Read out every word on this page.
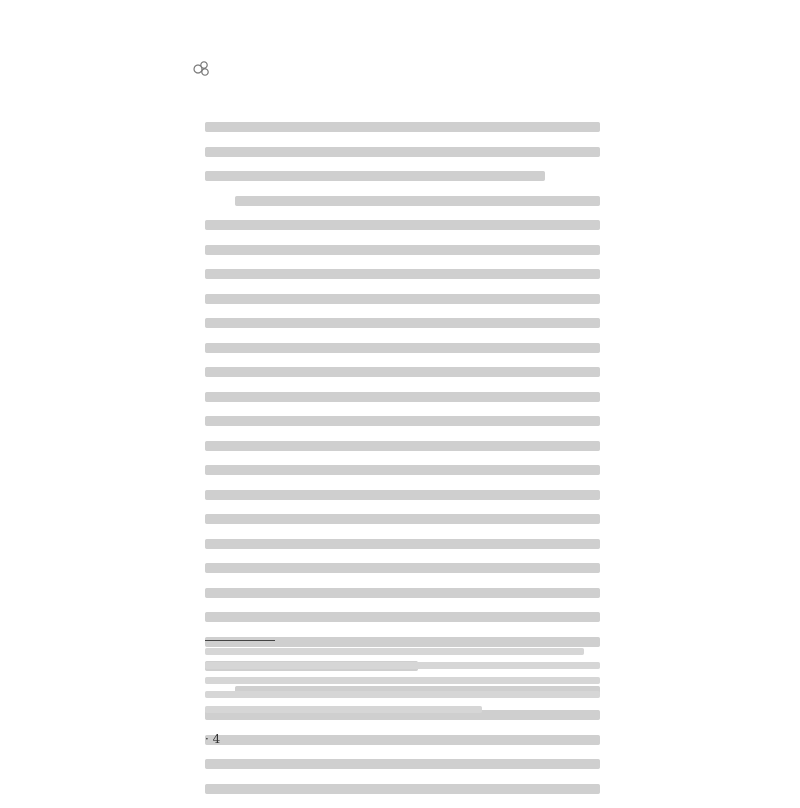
· 4
